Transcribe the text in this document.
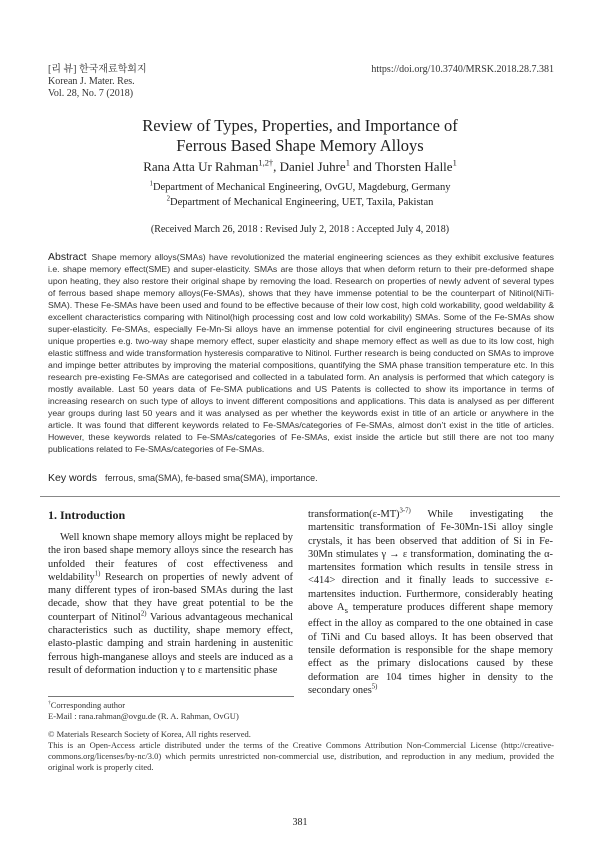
[리 뷰] 한국재료학회지
Korean J. Mater. Res.
Vol. 28, No. 7 (2018)
https://doi.org/10.3740/MRSK.2018.28.7.381
Review of Types, Properties, and Importance of
Ferrous Based Shape Memory Alloys
Rana Atta Ur Rahman$^{1,2\dagger}$, Daniel Juhre$^1$ and Thorsten Halle$^1$
$^1$Department of Mechanical Engineering, OvGU, Magdeburg, Germany
$^2$Department of Mechanical Engineering, UET, Taxila, Pakistan
(Received March 26, 2018 : Revised July 2, 2018 : Accepted July 4, 2018)
Abstract Shape memory alloys(SMAs) have revolutionized the material engineering sciences as they exhibit exclusive features i.e. shape memory effect(SME) and super-elasticity. SMAs are those alloys that when deform return to their pre-deformed shape upon heating, they also restore their original shape by removing the load. Research on properties of newly advent of several types of ferrous based shape memory alloys(Fe-SMAs), shows that they have immense potential to be the counterpart of Nitinol(NiTi-SMA). These Fe-SMAs have been used and found to be effective because of their low cost, high cold workability, good weldability & excellent characteristics comparing with Nitinol(high processing cost and low cold workability) SMAs. Some of the Fe-SMAs show super-elasticity. Fe-SMAs, especially Fe-Mn-Si alloys have an immense potential for civil engineering structures because of its unique properties e.g. two-way shape memory effect, super elasticity and shape memory effect as well as due to its low cost, high elastic stiffness and wide transformation hysteresis comparative to Nitinol. Further research is being conducted on SMAs to improve and impinge better attributes by improving the material compositions, quantifying the SMA phase transition temperature etc. In this research pre-existing Fe-SMAs are categorised and collected in a tabulated form. An analysis is performed that which category is mostly available. Last 50 years data of Fe-SMA publications and US Patents is collected to show its importance in terms of increasing research on such type of alloys to invent different compositions and applications. This data is analysed as per different year groups during last 50 years and it was analysed as per whether the keywords exist in title of an article or anywhere in the article. It was found that different keywords related to Fe-SMAs/categories of Fe-SMAs, almost don’t exist in the title of articles. However, these keywords related to Fe-SMAs/categories of Fe-SMAs, exist inside the article but still there are not too many publications related to Fe-SMAs/categories of Fe-SMAs.
Key words ferrous, sma(SMA), fe-based sma(SMA), importance.
1. Introduction
Well known shape memory alloys might be replaced by the iron based shape memory alloys since the research has unfolded their features of cost effectiveness and weldability$^{1)}$ Research on properties of newly advent of many different types of iron-based SMAs during the last decade, show that they have great potential to be the counterpart of Nitinol$^{2)}$ Various advantageous mechanical characteristics such as ductility, shape memory effect, elasto-plastic damping and strain hardening in austenitic ferrous high-manganese alloys and steels are induced as a result of deformation induction γ to ε martensitic phase
$transformation(\varepsilon-MT)^{3-7)}$ While investigating the martensitic transformation of Fe-30Mn-1Si alloy single crystals, it has been observed that addition of Si in Fe-30Mn stimulates γ → ε transformation, dominating the α-martensites formation which results in tensile stress in <414> direction and it finally leads to successive ε-martensites induction. Furthermore, considerably heating above $A_s$ temperature produces different shape memory effect in the alloy as compared to the one obtained in case of TiNi and Cu based alloys. It has been observed that tensile deformation is responsible for the shape memory effect as the primary dislocations caused by these deformation are 104 times higher in density to the secondary ones$^{5)}$
†Corresponding author
E-Mail : rana.rahman@ovgu.de (R. A. Rahman, OvGU)
© Materials Research Society of Korea, All rights reserved.
This is an Open-Access article distributed under the terms of the Creative Commons Attribution Non-Commercial License (http://creative-commons.org/licenses/by-nc/3.0) which permits unrestricted non-commercial use, distribution, and reproduction in any medium, provided the original work is properly cited.
381
